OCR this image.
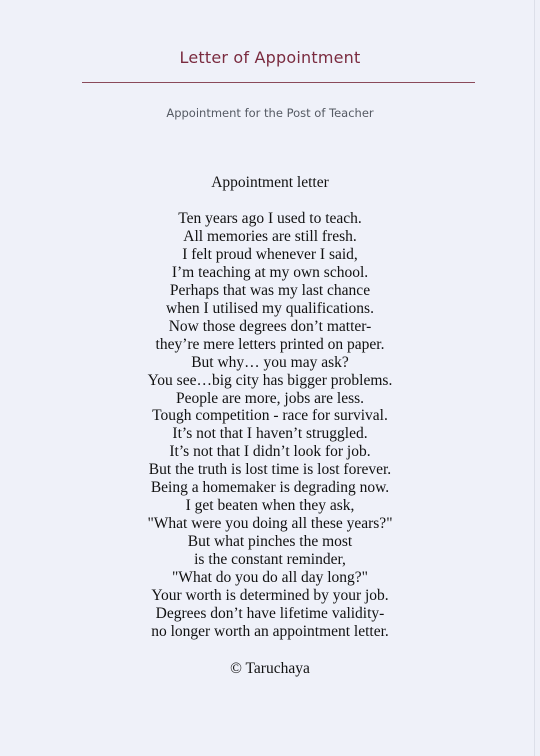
Letter of Appointment
Appointment for the Post of Teacher
Appointment letter
Ten years ago I used to teach.
All memories are still fresh.
I felt proud whenever I said,
I’m teaching at my own school.
Perhaps that was my last chance
when I utilised my qualifications.
Now those degrees don’t matter-
they’re mere letters printed on paper.
But why… you may ask?
You see…big city has bigger problems.
People are more, jobs are less.
Tough competition - race for survival.
It’s not that I haven’t struggled.
It’s not that I didn’t look for job.
But the truth is lost time is lost forever.
Being a homemaker is degrading now.
I get beaten when they ask,
"What were you doing all these years?"
But what pinches the most
is the constant reminder,
"What do you do all day long?"
Your worth is determined by your job.
Degrees don’t have lifetime validity-
no longer worth an appointment letter.
© Taruchaya
